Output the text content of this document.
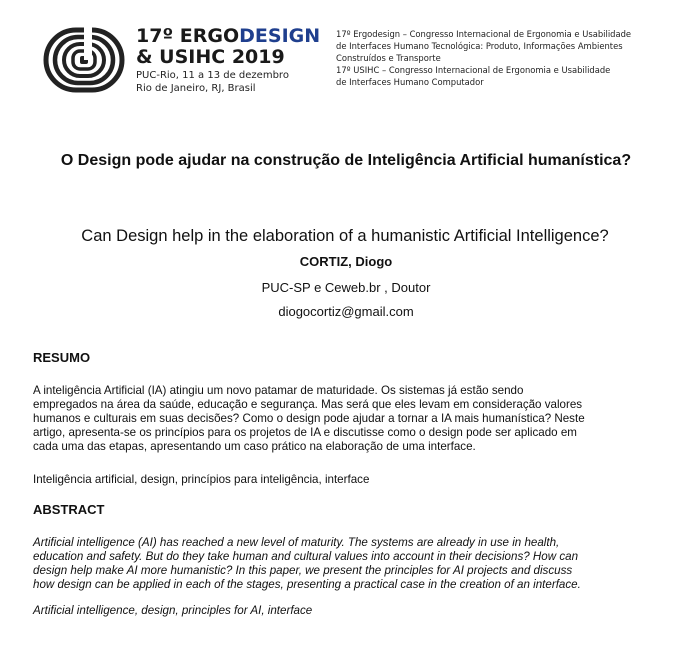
17º ERGODESIGN
& USIHC 2019
PUC-Rio, 11 a 13 de dezembro
Rio de Janeiro, RJ, Brasil
17º Ergodesign – Congresso Internacional de Ergonomia e Usabilidade
de Interfaces Humano Tecnológica: Produto, Informações Ambientes
Construídos e Transporte
17º USIHC – Congresso Internacional de Ergonomia e Usabilidade
de Interfaces Humano Computador
O Design pode ajudar na construção de Inteligência Artificial humanística?
Can Design help in the elaboration of a humanistic Artificial Intelligence?
CORTIZ, Diogo
PUC-SP e Ceweb.br , Doutor
diogocortiz@gmail.com
RESUMO
A inteligência Artificial (IA) atingiu um novo patamar de maturidade. Os sistemas já estão sendo
empregados na área da saúde, educação e segurança. Mas será que eles levam em consideração valores
humanos e culturais em suas decisões? Como o design pode ajudar a tornar a IA mais humanística? Neste
artigo, apresenta-se os princípios para os projetos de IA e discutisse como o design pode ser aplicado em
cada uma das etapas, apresentando um caso prático na elaboração de uma interface.
Inteligência artificial, design, princípios para inteligência, interface
ABSTRACT
Artificial intelligence (AI) has reached a new level of maturity. The systems are already in use in health,
education and safety. But do they take human and cultural values into account in their decisions? How can
design help make AI more humanistic? In this paper, we present the principles for AI projects and discuss
how design can be applied in each of the stages, presenting a practical case in the creation of an interface.
Artificial intelligence, design, principles for AI, interface
